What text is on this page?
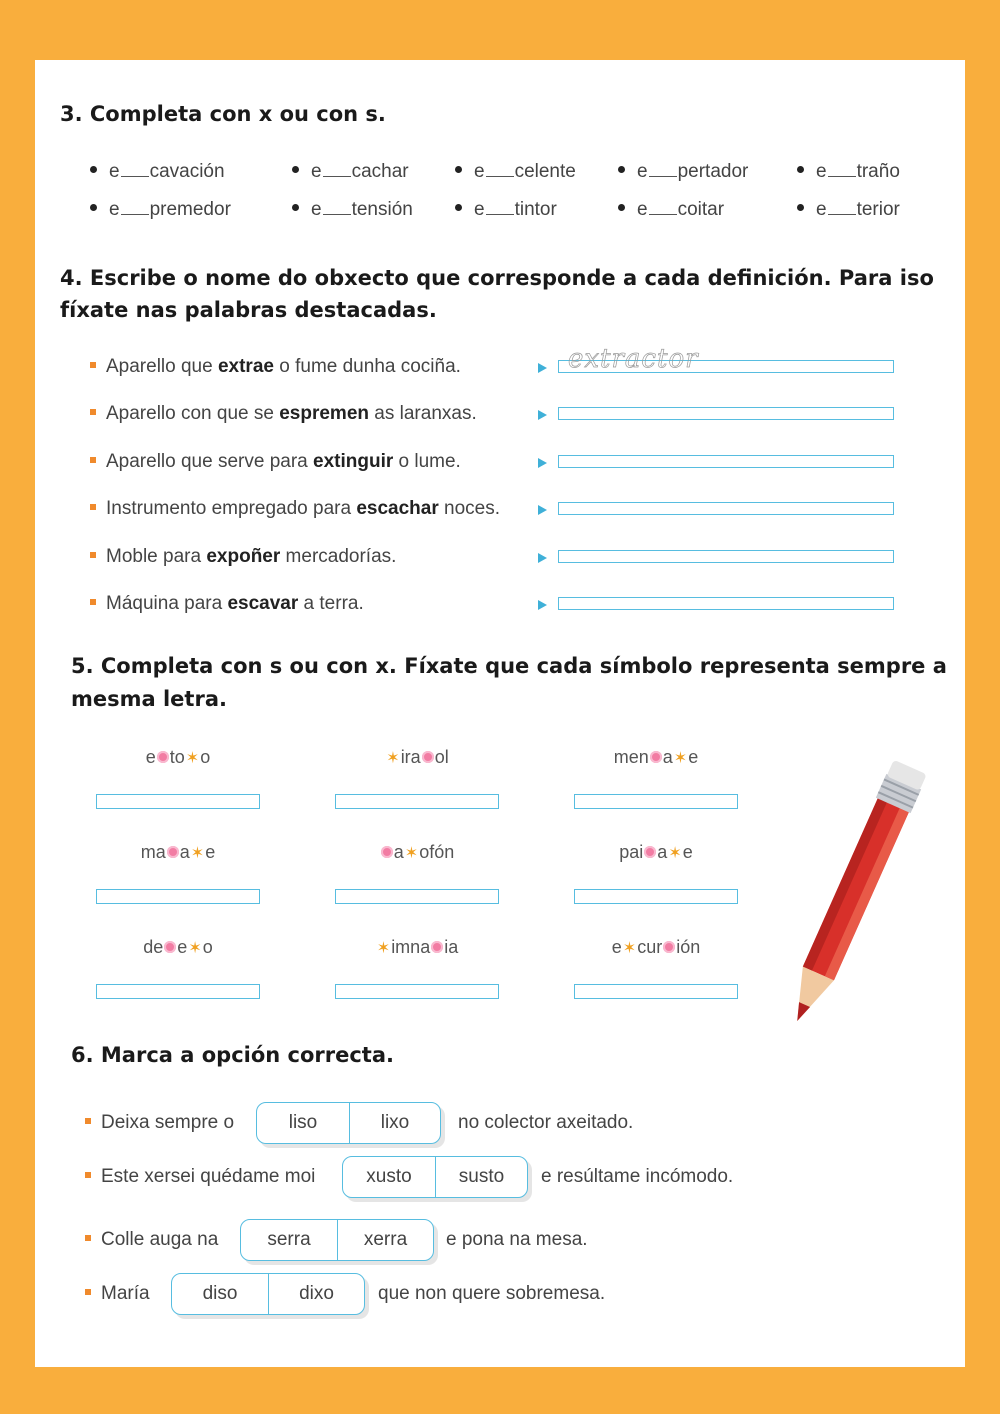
3. Completa con x ou con s.
e cavación	e cachar	e celente	e pertador	e traño
e premedor	e tensión	e tintor	e coitar	e terior
4. Escribe o nome do obxecto que corresponde a cada definición. Para iso
fíxate nas palabras destacadas.
Aparello que extrae o fume dunha cociña.
Aparello con que se espremen as laranxas.
Aparello que serve para extinguir o lume.
Instrumento empregado para escachar noces.
Moble para expoñer mercadorías.
Máquina para escavar a terra.
extractor
5. Completa con s ou con x. Fíxate que cada símbolo representa sempre a
mesma letra.
e to✶o	✶ira ol	men a✶e
ma a✶e	a✶ofón	pai a✶e
de e✶o	✶imna ia	e✶cur ión
6. Marca a opción correcta.
Deixa sempre o	liso	lixo	no colector axeitado.
Este xersei quédame moi	xusto	susto	e resúltame incómodo.
Colle auga na	serra	xerra	e pona na mesa.
María	diso	dixo	que non quere sobremesa.
